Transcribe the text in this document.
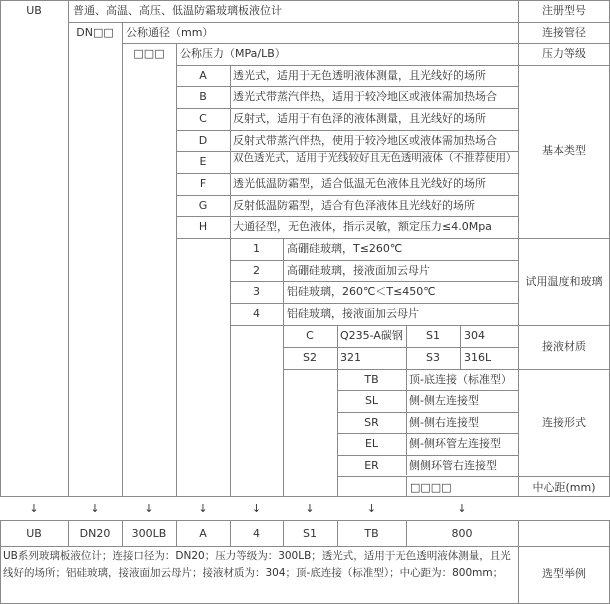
UB	普通、高温、高压、低温防霜玻璃板液位计	注册型号
DN□□	公称通径（mm）	连接管径
□□□	公称压力（MPa/LB）	压力等级
A	透光式，适用于无色透明液体测量，且光线好的场所
B	透光式带蒸汽伴热，适用于较冷地区或液体需加热场合
C	反射式，适用于有色泽的液体测量，且光线好的场所
D	反射式带蒸汽伴热，使用于较冷地区或液体需加热场合
E	双色透光式，适用于光线较好且无色透明液体（不推荐使用）
F	透光低温防霜型，适合低温无色液体且光线好的场所
G	反射低温防霜型，适合有色泽液体且光线好的场所
H	大通径型，无色液体，指示灵敏，额定压力≤4.0Mpa
基本类型
1	高硼硅玻璃，T≤260℃
2	高硼硅玻璃，接液面加云母片
3	铝硅玻璃，260℃＜T≤450℃
4	铝硅玻璃，接液面加云母片
试用温度和玻璃
C	Q235-A碳钢	S1	304
S2	321	S3	316L
接液材质
TB	顶-底连接（标准型）
SL	侧-侧左连接型
SR	侧-侧右连接型
EL	侧-侧环管左连接型
ER	侧侧环管右连接型
连接形式
□□□□	中心距(mm)
↓	↓	↓	↓	↓	↓	↓	↓
UB	DN20	300LB	A	4	S1	TB	800
UB系列玻璃板液位计；连接口径为：DN20；压力等级为：300LB；透光式，适用于无色透明液体测量，且光线好的场所；铝硅玻璃，接液面加云母片；接液材质为：304；顶-底连接（标准型）；中心距为：800mm；	选型举例
